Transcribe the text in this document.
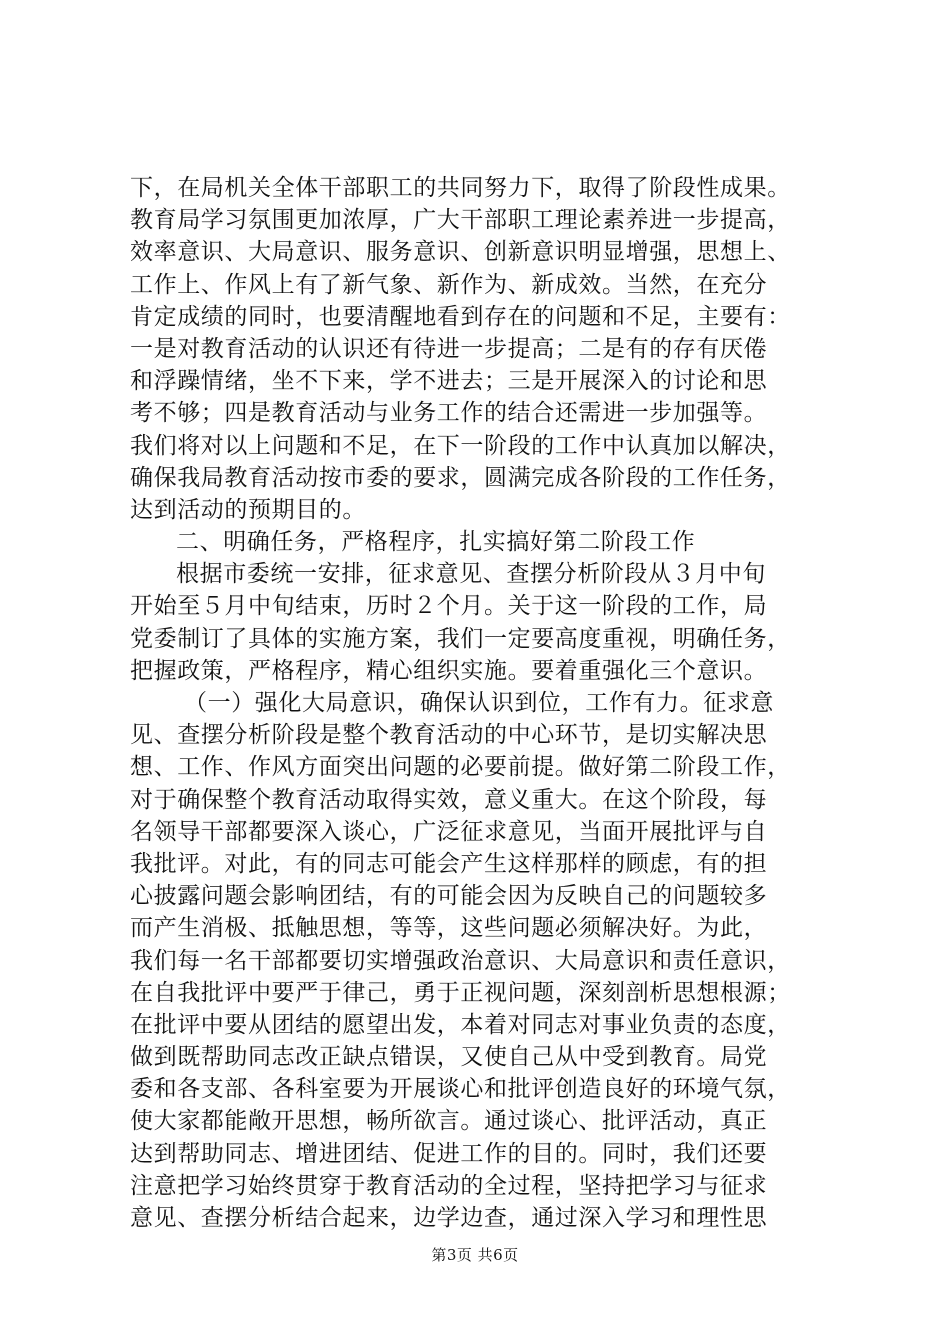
下，在局机关全体干部职工的共同努力下，取得了阶段性成果。
教育局学习氛围更加浓厚，广大干部职工理论素养进一步提高，
效率意识、大局意识、服务意识、创新意识明显增强，思想上、
工作上、作风上有了新气象、新作为、新成效。当然，在充分
肯定成绩的同时，也要清醒地看到存在的问题和不足，主要有：
一是对教育活动的认识还有待进一步提高；二是有的存有厌倦
和浮躁情绪，坐不下来，学不进去；三是开展深入的讨论和思
考不够；四是教育活动与业务工作的结合还需进一步加强等。
我们将对以上问题和不足，在下一阶段的工作中认真加以解决，
确保我局教育活动按市委的要求，圆满完成各阶段的工作任务，
达到活动的预期目的。
二、明确任务，严格程序，扎实搞好第二阶段工作
根据市委统一安排，征求意见、查摆分析阶段从３月中旬
开始至５月中旬结束，历时２个月。关于这一阶段的工作，局
党委制订了具体的实施方案，我们一定要高度重视，明确任务，
把握政策，严格程序，精心组织实施。要着重强化三个意识。
（一）强化大局意识，确保认识到位，工作有力。征求意
见、查摆分析阶段是整个教育活动的中心环节，是切实解决思
想、工作、作风方面突出问题的必要前提。做好第二阶段工作，
对于确保整个教育活动取得实效，意义重大。在这个阶段，每
名领导干部都要深入谈心，广泛征求意见，当面开展批评与自
我批评。对此，有的同志可能会产生这样那样的顾虑，有的担
心披露问题会影响团结，有的可能会因为反映自己的问题较多
而产生消极、抵触思想，等等，这些问题必须解决好。为此，
我们每一名干部都要切实增强政治意识、大局意识和责任意识，
在自我批评中要严于律己，勇于正视问题，深刻剖析思想根源；
在批评中要从团结的愿望出发，本着对同志对事业负责的态度，
做到既帮助同志改正缺点错误，又使自己从中受到教育。局党
委和各支部、各科室要为开展谈心和批评创造良好的环境气氛，
使大家都能敞开思想，畅所欲言。通过谈心、批评活动，真正
达到帮助同志、增进团结、促进工作的目的。同时，我们还要
注意把学习始终贯穿于教育活动的全过程，坚持把学习与征求
意见、查摆分析结合起来，边学边查，通过深入学习和理性思
第3页 共6页
